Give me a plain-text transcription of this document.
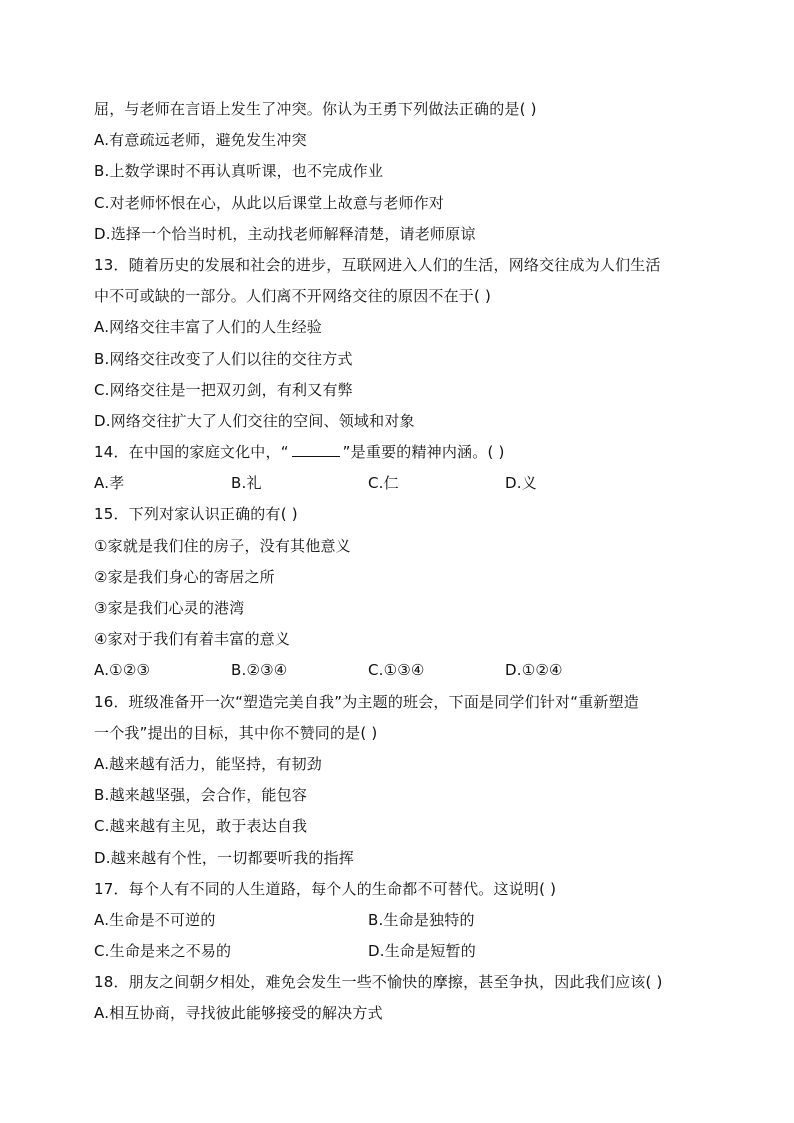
屈，与老师在言语上发生了冲突。你认为王勇下列做法正确的是( )
A.有意疏远老师，避免发生冲突
B.上数学课时不再认真听课，也不完成作业
C.对老师怀恨在心，从此以后课堂上故意与老师作对
D.选择一个恰当时机，主动找老师解释清楚，请老师原谅
13．随着历史的发展和社会的进步，互联网进入人们的生活，网络交往成为人们生活
中不可或缺的一部分。人们离不开网络交往的原因不在于( )
A.网络交往丰富了人们的人生经验
B.网络交往改变了人们以往的交往方式
C.网络交往是一把双刃剑，有利又有弊
D.网络交往扩大了人们交往的空间、领域和对象
14．在中国的家庭文化中，“	”是重要的精神内涵。( )
A.孝	B.礼	C.仁	D.义
15．下列对家认识正确的有( )
①家就是我们住的房子，没有其他意义
②家是我们身心的寄居之所
③家是我们心灵的港湾
④家对于我们有着丰富的意义
A.①②③	B.②③④	C.①③④	D.①②④
16．班级准备开一次“塑造完美自我”为主题的班会，下面是同学们针对“重新塑造
一个我”提出的目标，其中你不赞同的是( )
A.越来越有活力，能坚持，有韧劲
B.越来越坚强，会合作，能包容
C.越来越有主见，敢于表达自我
D.越来越有个性，一切都要听我的指挥
17．每个人有不同的人生道路，每个人的生命都不可替代。这说明( )
A.生命是不可逆的	B.生命是独特的
C.生命是来之不易的	D.生命是短暂的
18．朋友之间朝夕相处，难免会发生一些不愉快的摩擦，甚至争执，因此我们应该( )
A.相互协商，寻找彼此能够接受的解决方式
